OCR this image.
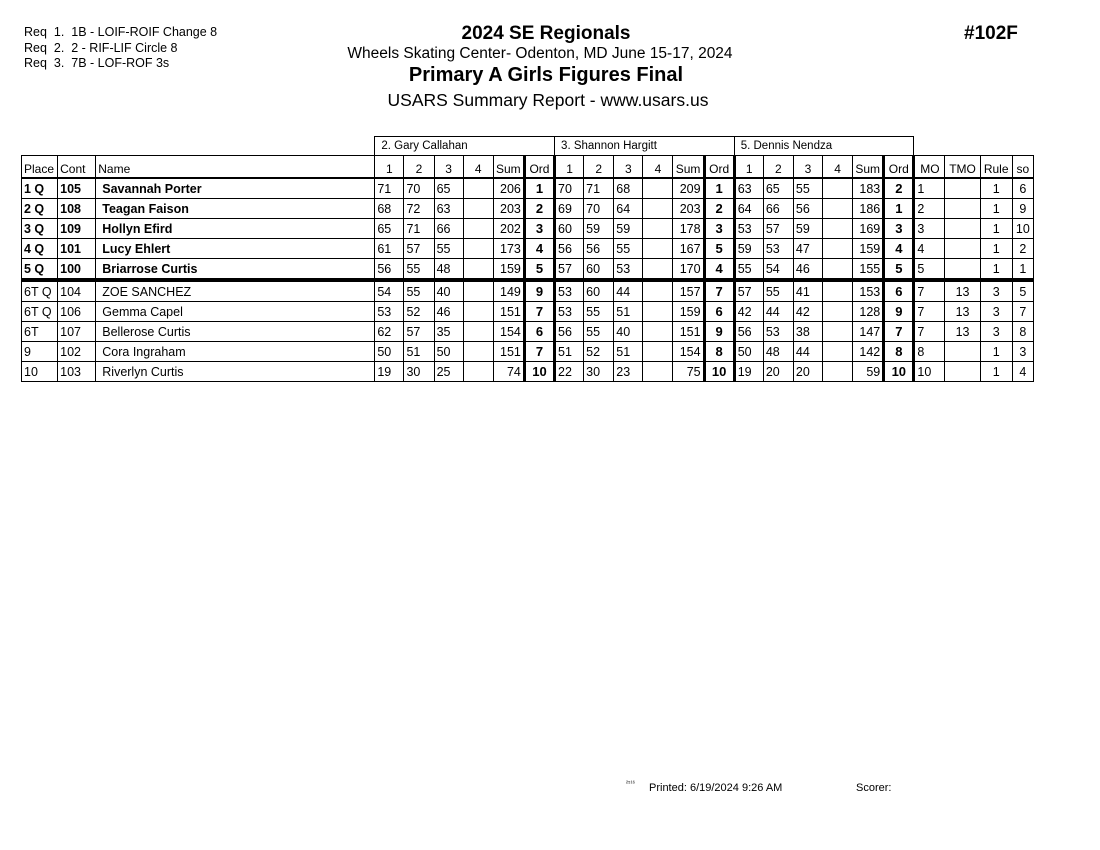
Req  1.  1B - LOIF-ROIF Change 8
Req  2.  2 - RIF-LIF Circle 8
Req  3.  7B - LOF-ROF 3s
2024 SE Regionals
Wheels Skating Center- Odenton, MD June 15-17, 2024
Primary A Girls Figures Final
USARS Summary Report - www.usars.us
#102F
			2. Gary Callahan						3. Shannon Hargitt						5. Dennis Nendza									
Place	Cont	Name	1	2	3	4	Sum	Ord	1	2	3	4	Sum	Ord	1	2	3	4	Sum	Ord	MO	TMO	Rule	so
1 Q	105	Savannah Porter	71	70	65		206	1	70	71	68		209	1	63	65	55		183	2	1		1	6
2 Q	108	Teagan Faison	68	72	63		203	2	69	70	64		203	2	64	66	56		186	1	2		1	9
3 Q	109	Hollyn Efird	65	71	66		202	3	60	59	59		178	3	53	57	59		169	3	3		1	10
4 Q	101	Lucy Ehlert	61	57	55		173	4	56	56	55		167	5	59	53	47		159	4	4		1	2
5 Q	100	Briarrose Curtis	56	55	48		159	5	57	60	53		170	4	55	54	46		155	5	5		1	1
6T Q	104	ZOE SANCHEZ	54	55	40		149	9	53	60	44		157	7	57	55	41		153	6	7	13	3	5
6T Q	106	Gemma Capel	53	52	46		151	7	53	55	51		159	6	42	44	42		128	9	7	13	3	7
6T	107	Bellerose Curtis	62	57	35		154	6	56	55	40		151	9	56	53	38		147	7	7	13	3	8
9	102	Cora Ingraham	50	51	50		151	7	51	52	51		154	8	50	48	44		142	8	8		1	3
10	103	Riverlyn Curtis	19	30	25		74	10	22	30	23		75	10	19	20	20		59	10	10		1	4
²⁵¹⁶ Printed: 6/19/2024 9:26 AM	Scorer:
